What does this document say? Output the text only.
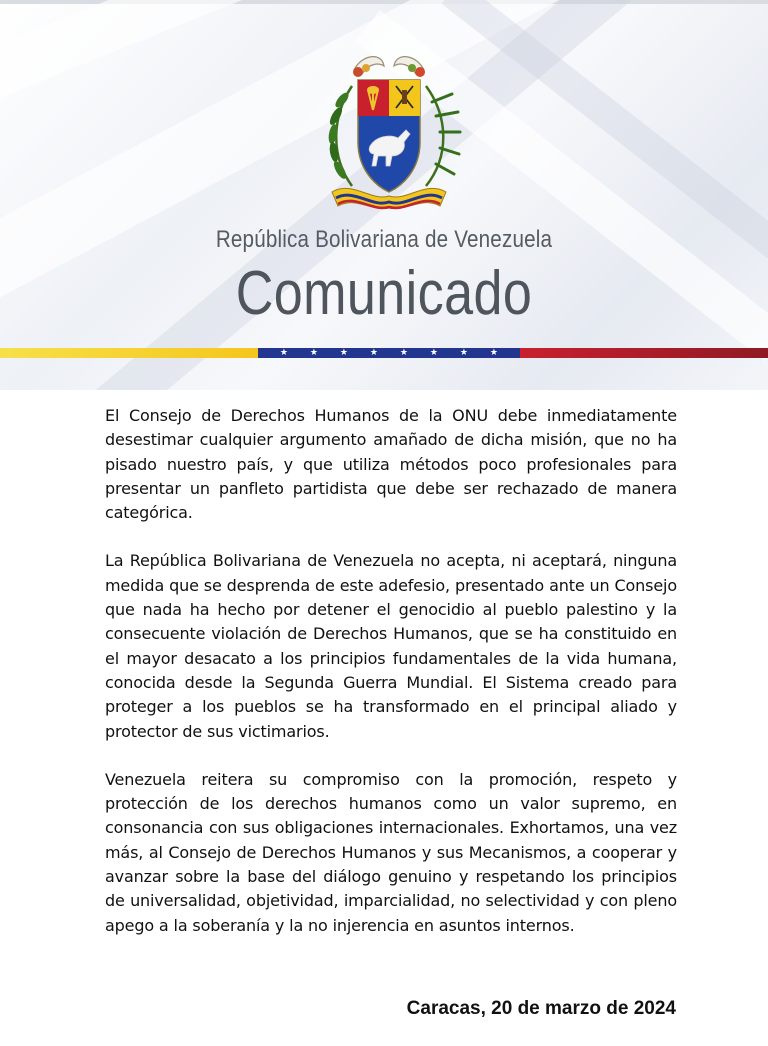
República Bolivariana de Venezuela
Comunicado
★ ★ ★ ★ ★ ★ ★ ★

El Consejo de Derechos Humanos de la ONU debe inmediatamente desestimar cualquier argumento amañado de dicha misión, que no ha pisado nuestro país, y que utiliza métodos poco profesionales para presentar un panfleto partidista que debe ser rechazado de manera categórica.

La República Bolivariana de Venezuela no acepta, ni aceptará, ninguna medida que se desprenda de este adefesio, presentado ante un Consejo que nada ha hecho por detener el genocidio al pueblo palestino y la consecuente violación de Derechos Humanos, que se ha constituido en el mayor desacato a los principios fundamentales de la vida humana, conocida desde la Segunda Guerra Mundial. El Sistema creado para proteger a los pueblos se ha transformado en el principal aliado y protector de sus victimarios.

Venezuela reitera su compromiso con la promoción, respeto y protección de los derechos humanos como un valor supremo, en consonancia con sus obligaciones internacionales. Exhortamos, una vez más, al Consejo de Derechos Humanos y sus Mecanismos, a cooperar y avanzar sobre la base del diálogo genuino y respetando los principios de universalidad, objetividad, imparcialidad, no selectividad y con pleno apego a la soberanía y la no injerencia en asuntos internos.

Caracas, 20 de marzo de 2024
